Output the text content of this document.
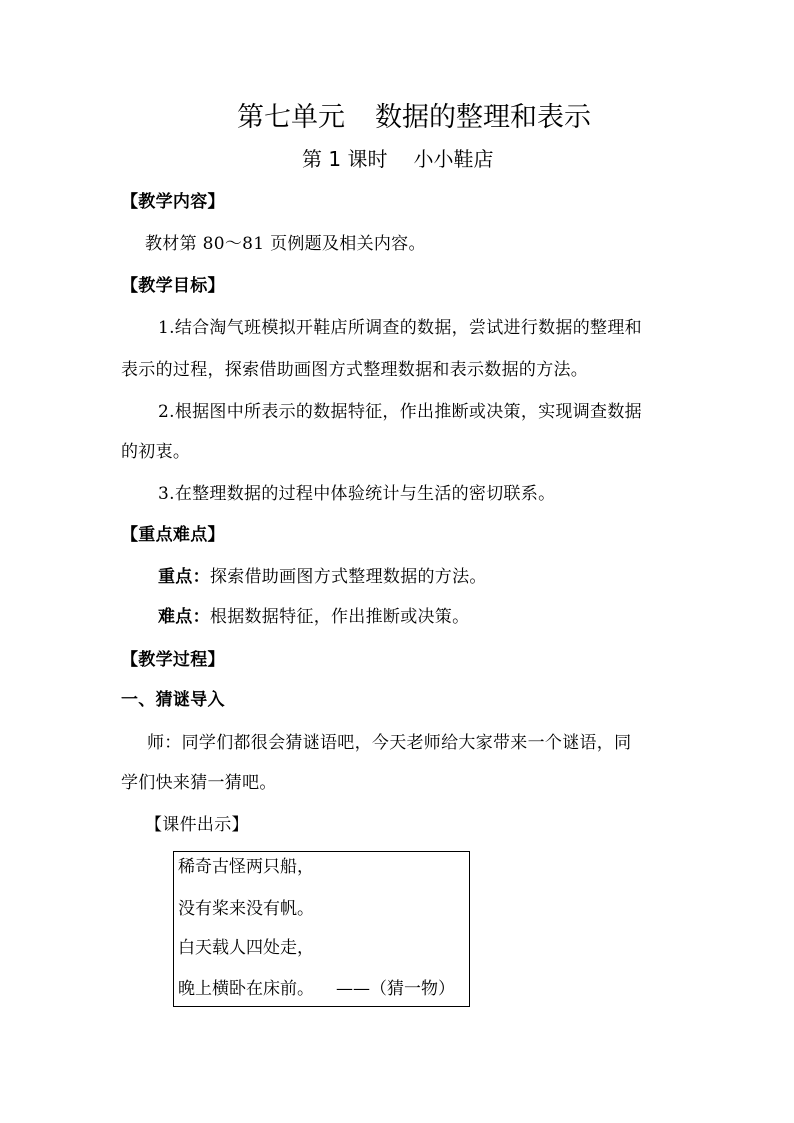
第七单元 数据的整理和表示
第 1 课时 小小鞋店
【教学内容】
教材第 80～81 页例题及相关内容。
【教学目标】
1.结合淘气班模拟开鞋店所调查的数据，尝试进行数据的整理和
表示的过程，探索借助画图方式整理数据和表示数据的方法。
2.根据图中所表示的数据特征，作出推断或决策，实现调查数据
的初衷。
3.在整理数据的过程中体验统计与生活的密切联系。
【重点难点】
重点：探索借助画图方式整理数据的方法。
难点：根据数据特征，作出推断或决策。
【教学过程】
一、猜谜导入
师：同学们都很会猜谜语吧，今天老师给大家带来一个谜语，同
学们快来猜一猜吧。
【课件出示】
稀奇古怪两只船，
没有桨来没有帆。
白天载人四处走，
晚上横卧在床前。 ——（猜一物）
